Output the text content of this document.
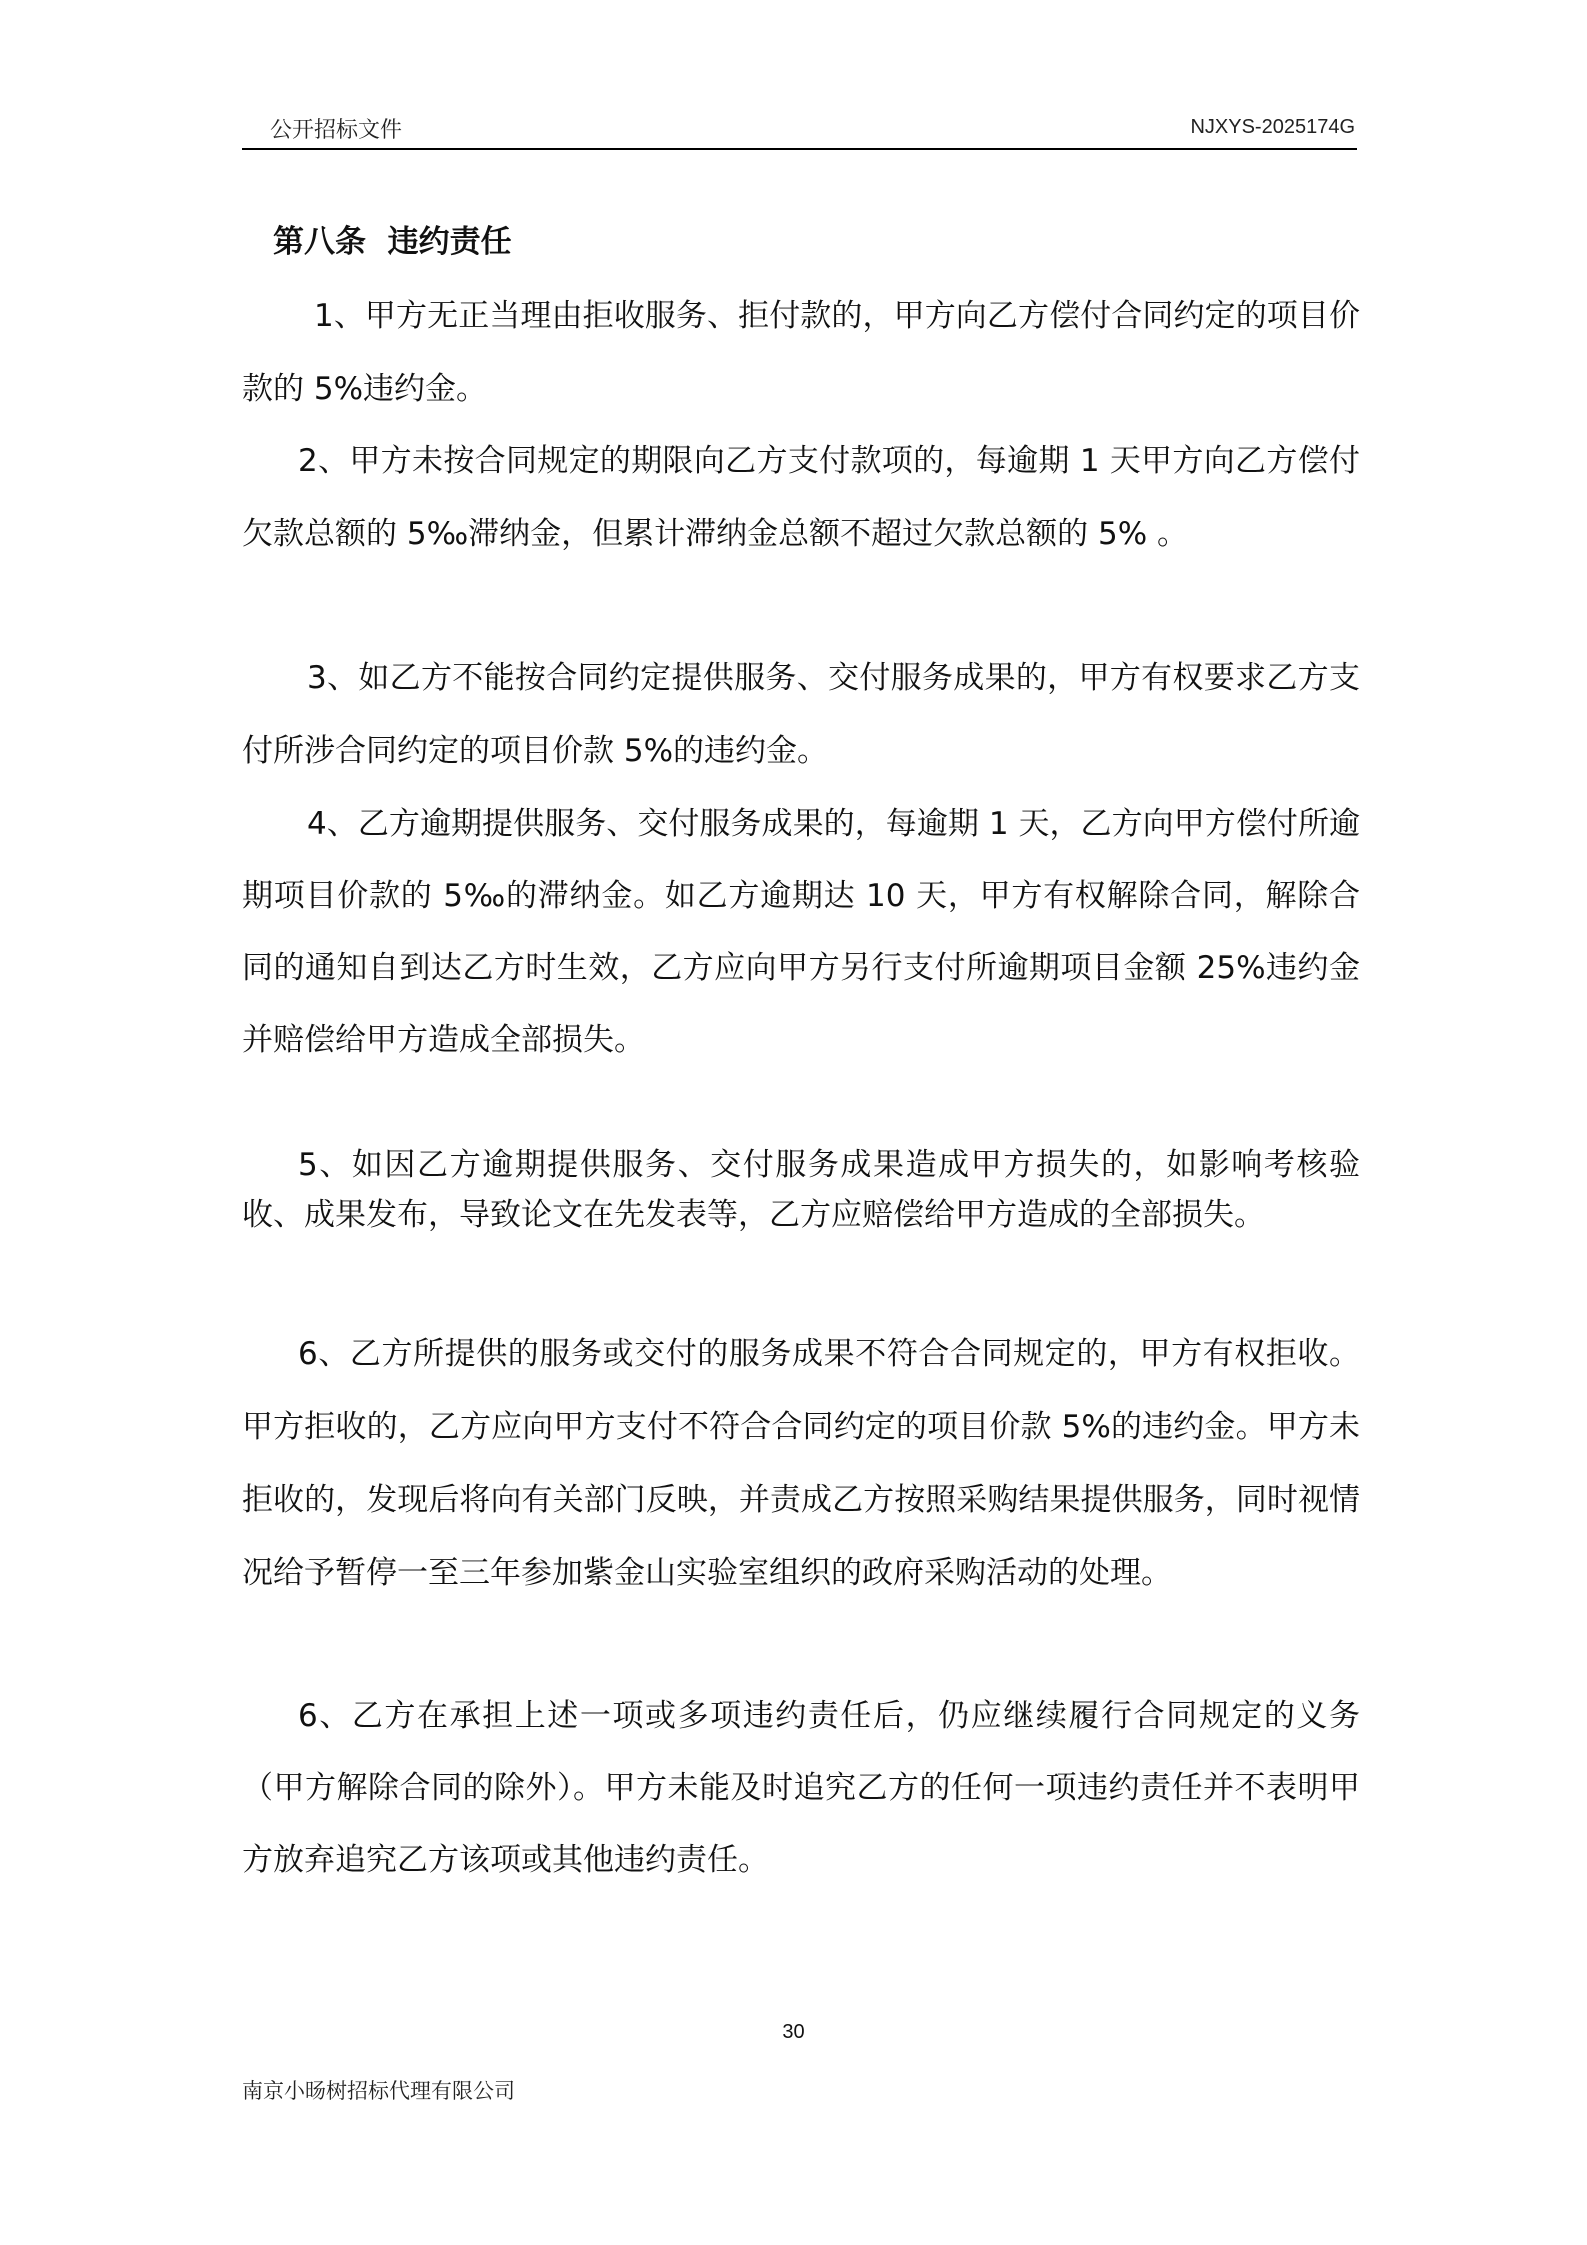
公开招标文件	NJXYS-2025174G
第八条  违约责任
1、甲方无正当理由拒收服务、拒付款的，甲方向乙方偿付合同约定的项目价款的 5%违约金。
2、甲方未按合同规定的期限向乙方支付款项的，每逾期 1 天甲方向乙方偿付欠款总额的 5‰滞纳金，但累计滞纳金总额不超过欠款总额的 5% 。
3、如乙方不能按合同约定提供服务、交付服务成果的，甲方有权要求乙方支付所涉合同约定的项目价款 5%的违约金。
4、乙方逾期提供服务、交付服务成果的，每逾期 1 天，乙方向甲方偿付所逾期项目价款的 5‰的滞纳金。如乙方逾期达 10 天，甲方有权解除合同，解除合同的通知自到达乙方时生效，乙方应向甲方另行支付所逾期项目金额 25%违约金并赔偿给甲方造成全部损失。
5、如因乙方逾期提供服务、交付服务成果造成甲方损失的，如影响考核验收、成果发布，导致论文在先发表等，乙方应赔偿给甲方造成的全部损失。
6、乙方所提供的服务或交付的服务成果不符合合同规定的，甲方有权拒收。甲方拒收的，乙方应向甲方支付不符合合同约定的项目价款 5%的违约金。甲方未拒收的，发现后将向有关部门反映，并责成乙方按照采购结果提供服务，同时视情况给予暂停一至三年参加紫金山实验室组织的政府采购活动的处理。
6、乙方在承担上述一项或多项违约责任后，仍应继续履行合同规定的义务（甲方解除合同的除外）。甲方未能及时追究乙方的任何一项违约责任并不表明甲方放弃追究乙方该项或其他违约责任。
30
南京小旸树招标代理有限公司
